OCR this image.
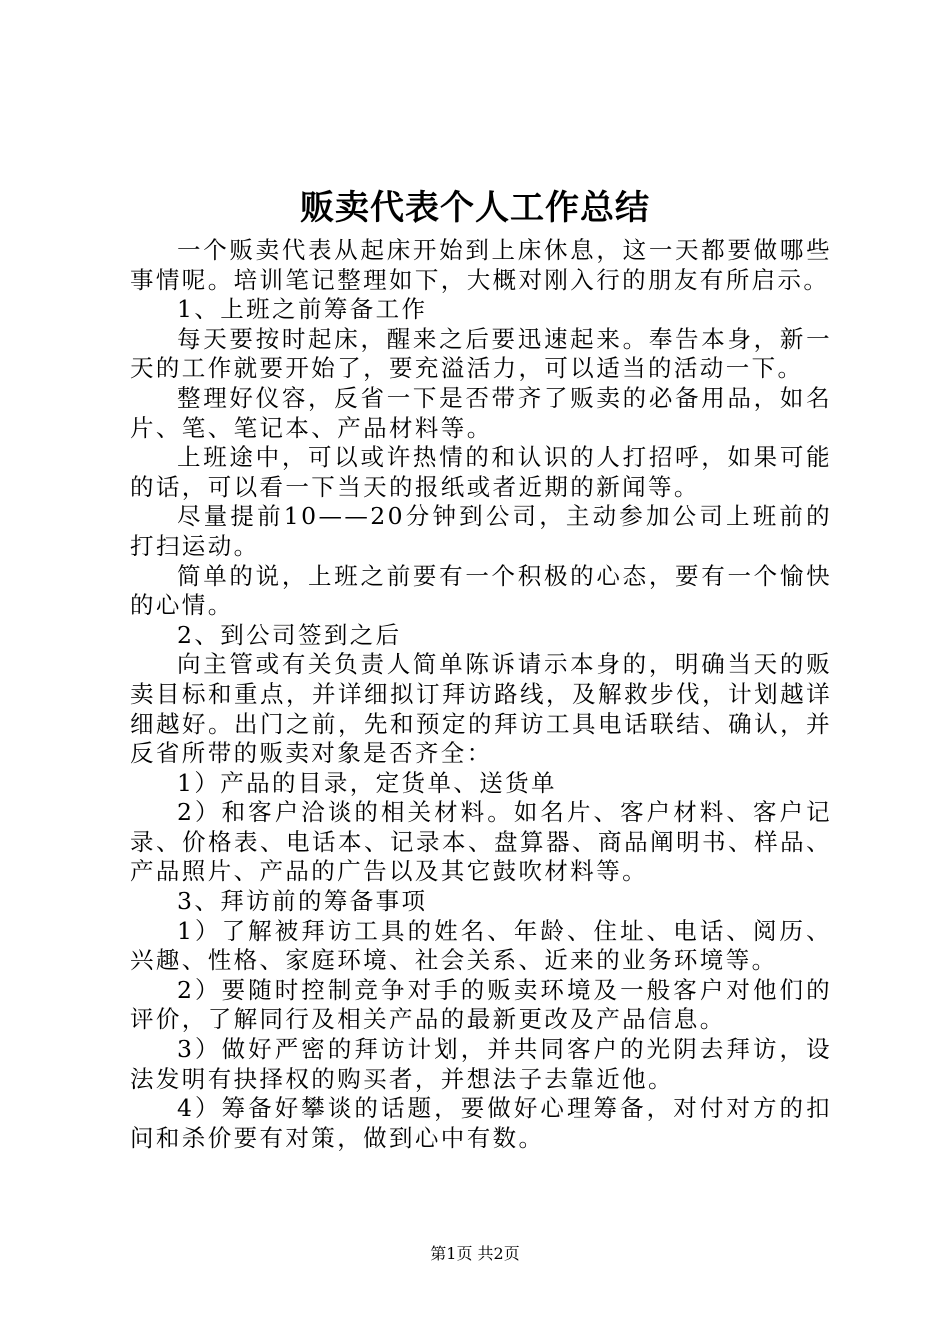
贩卖代表个人工作总结

一个贩卖代表从起床开始到上床休息，这一天都要做哪些事情呢。培训笔记整理如下，大概对刚入行的朋友有所启示。

1、上班之前筹备工作

每天要按时起床，醒来之后要迅速起来。奉告本身，新一天的工作就要开始了，要充溢活力，可以适当的活动一下。

整理好仪容，反省一下是否带齐了贩卖的必备用品，如名片、笔、笔记本、产品材料等。

上班途中，可以或许热情的和认识的人打招呼，如果可能的话，可以看一下当天的报纸或者近期的新闻等。

尽量提前10——20分钟到公司，主动参加公司上班前的打扫运动。

简单的说，上班之前要有一个积极的心态，要有一个愉快的心情。

2、到公司签到之后

向主管或有关负责人简单陈诉请示本身的，明确当天的贩卖目标和重点，并详细拟订拜访路线，及解救步伐，计划越详细越好。出门之前，先和预定的拜访工具电话联结、确认，并反省所带的贩卖对象是否齐全：

1）产品的目录，定货单、送货单

2）和客户洽谈的相关材料。如名片、客户材料、客户记录、价格表、电话本、记录本、盘算器、商品阐明书、样品、产品照片、产品的广告以及其它鼓吹材料等。

3、拜访前的筹备事项

1）了解被拜访工具的姓名、年龄、住址、电话、阅历、兴趣、性格、家庭环境、社会关系、近来的业务环境等。

2）要随时控制竞争对手的贩卖环境及一般客户对他们的评价，了解同行及相关产品的最新更改及产品信息。

3）做好严密的拜访计划，并共同客户的光阴去拜访，设法发明有抉择权的购买者，并想法子去靠近他。

4）筹备好攀谈的话题，要做好心理筹备，对付对方的扣问和杀价要有对策，做到心中有数。

第1页 共2页
